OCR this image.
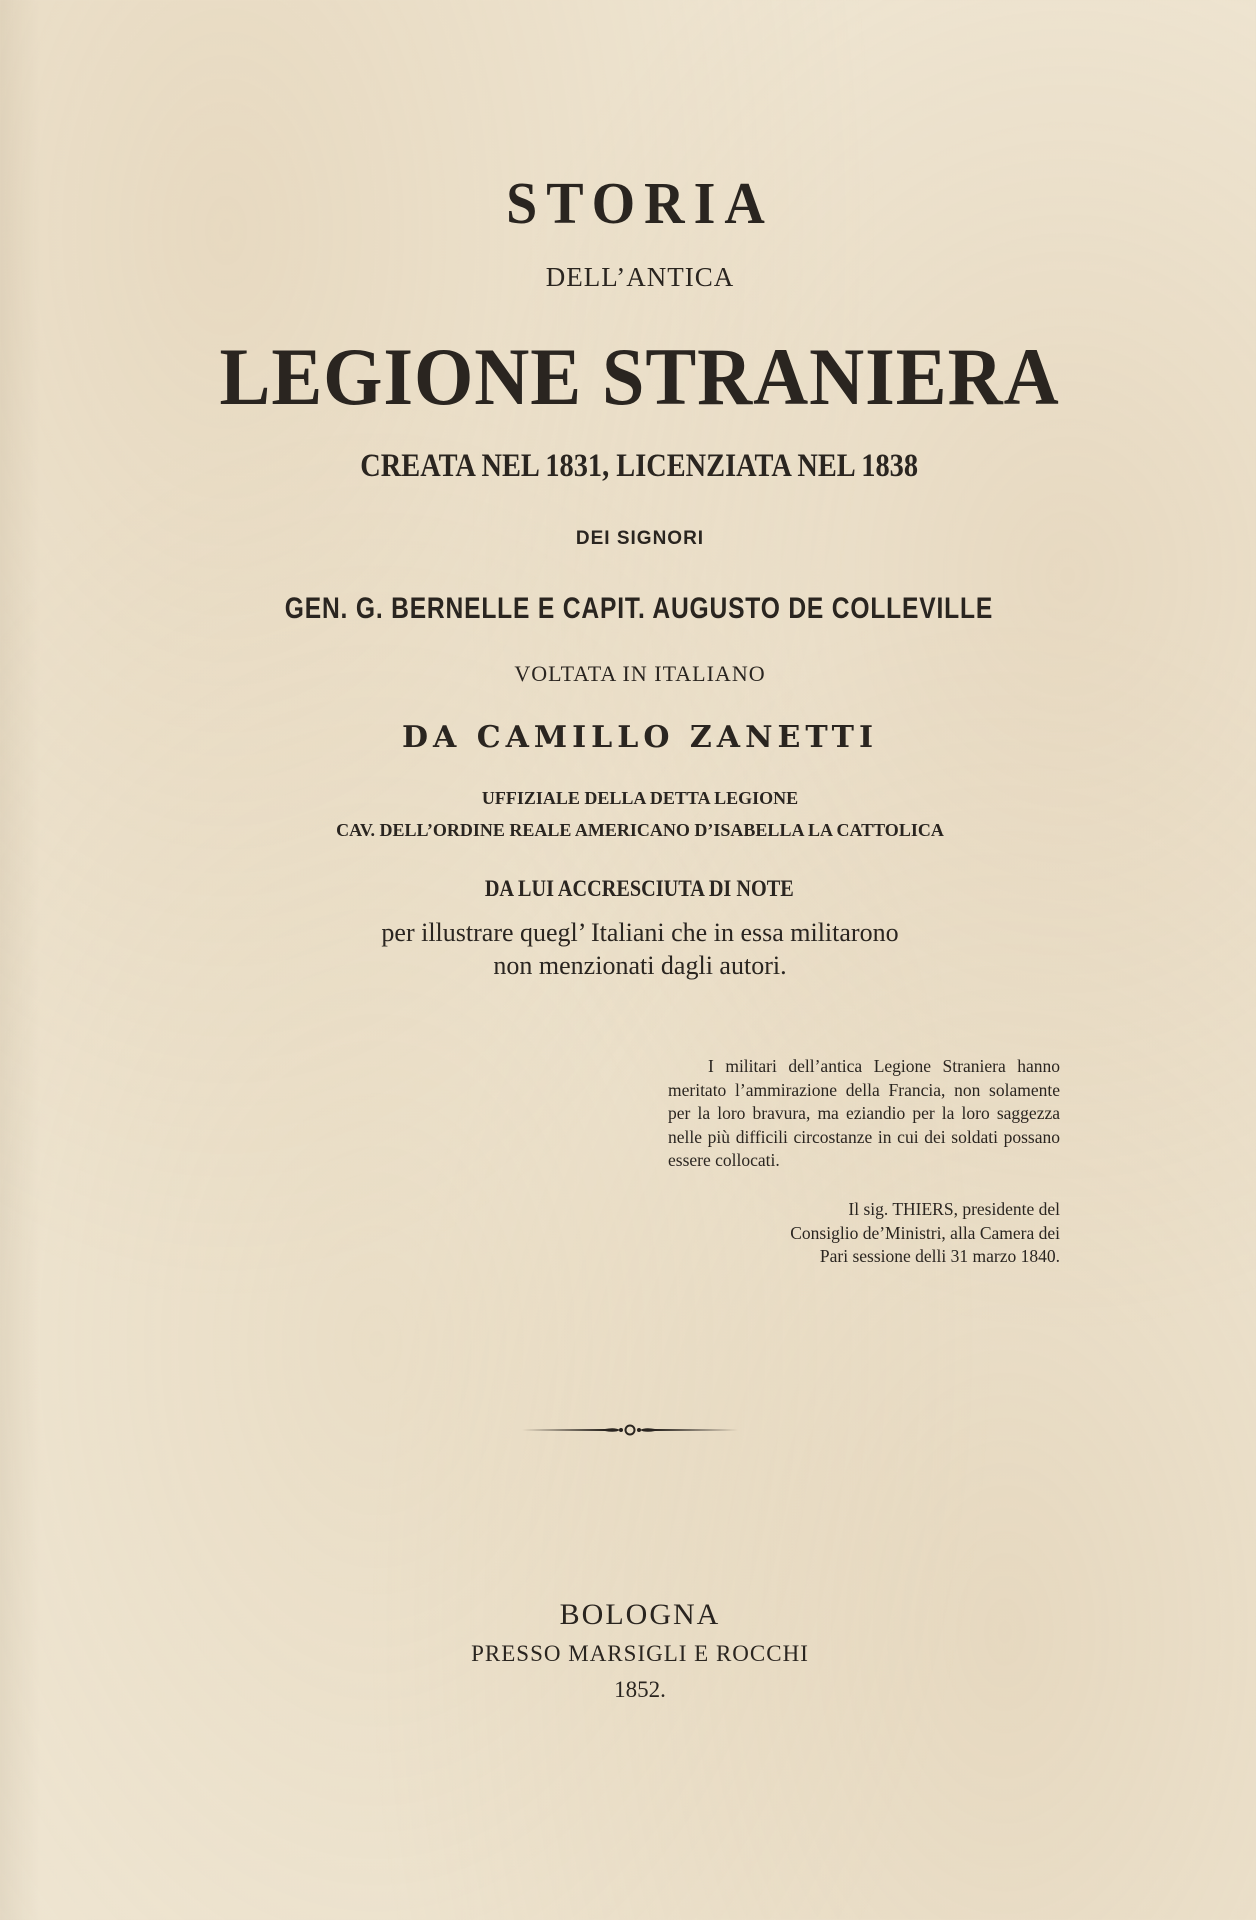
STORIA

DELL’ANTICA

LEGIONE STRANIERA

CREATA NEL 1831, LICENZIATA NEL 1838

DEI SIGNORI

GEN. G. BERNELLE E CAPIT. AUGUSTO DE COLLEVILLE

VOLTATA IN ITALIANO

DA CAMILLO ZANETTI

UFFIZIALE DELLA DETTA LEGIONE

CAV. DELL’ORDINE REALE AMERICANO D’ISABELLA LA CATTOLICA

DA LUI ACCRESCIUTA DI NOTE

per illustrare quegl’ Italiani che in essa militarono

non menzionati dagli autori.

I militari dell’antica Legione Straniera hanno meritato l’ammirazione della Francia, non solamente per la loro bravura, ma eziandio per la loro saggezza nelle più difficili circostanze in cui dei soldati possano essere collocati.

Il sig. THIERS, presidente del
Consiglio de’Ministri, alla Camera dei
Pari sessione delli 31 marzo 1840.

BOLOGNA

PRESSO MARSIGLI E ROCCHI

1852.
